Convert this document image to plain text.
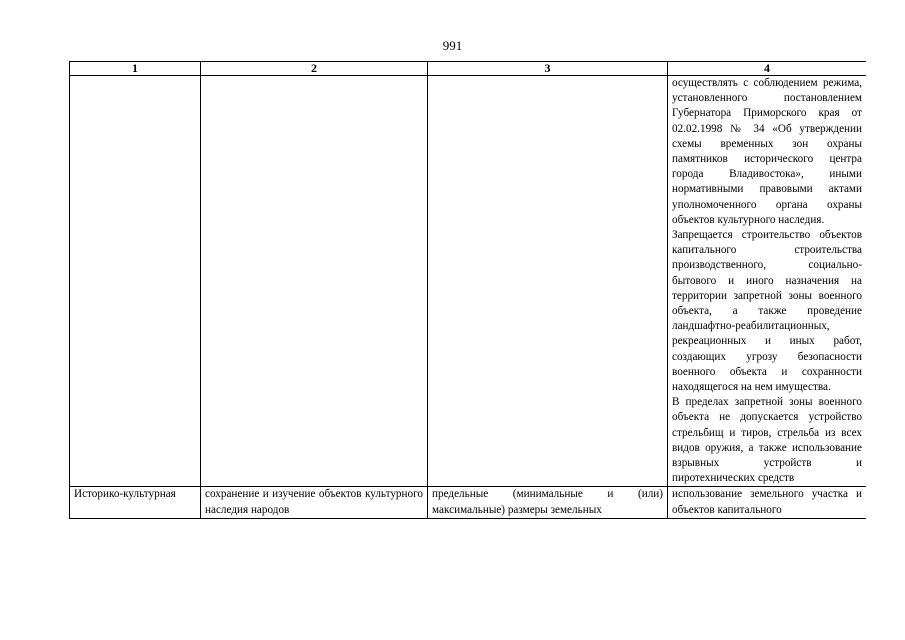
991
1	2	3	4

			осуществлять с соблюдением режима, установленного постановлением Губернатора Приморского края от 02.02.1998 № 34 «Об утверждении схемы временных зон охраны памятников исторического центра города Владивостока», иными нормативными правовыми актами уполномоченного органа охраны объектов культурного наследия.

Запрещается строительство объектов капитального строительства производственного, социально-бытового и иного назначения на территории запретной зоны военного объекта, а также проведение ландшафтно-реабилитационных, рекреационных и иных работ, создающих угрозу безопасности военного объекта и сохранности находящегося на нем имущества.

В пределах запретной зоны военного объекта не допускается устройство стрельбищ и тиров, стрельба из всех видов оружия, а также использование взрывных устройств и пиротехнических средств

Историко-культурная	сохранение и изучение объектов культурного наследия народов	предельные (минимальные и (или) максимальные) размеры земельных	использование земельного участка и объектов капитального
